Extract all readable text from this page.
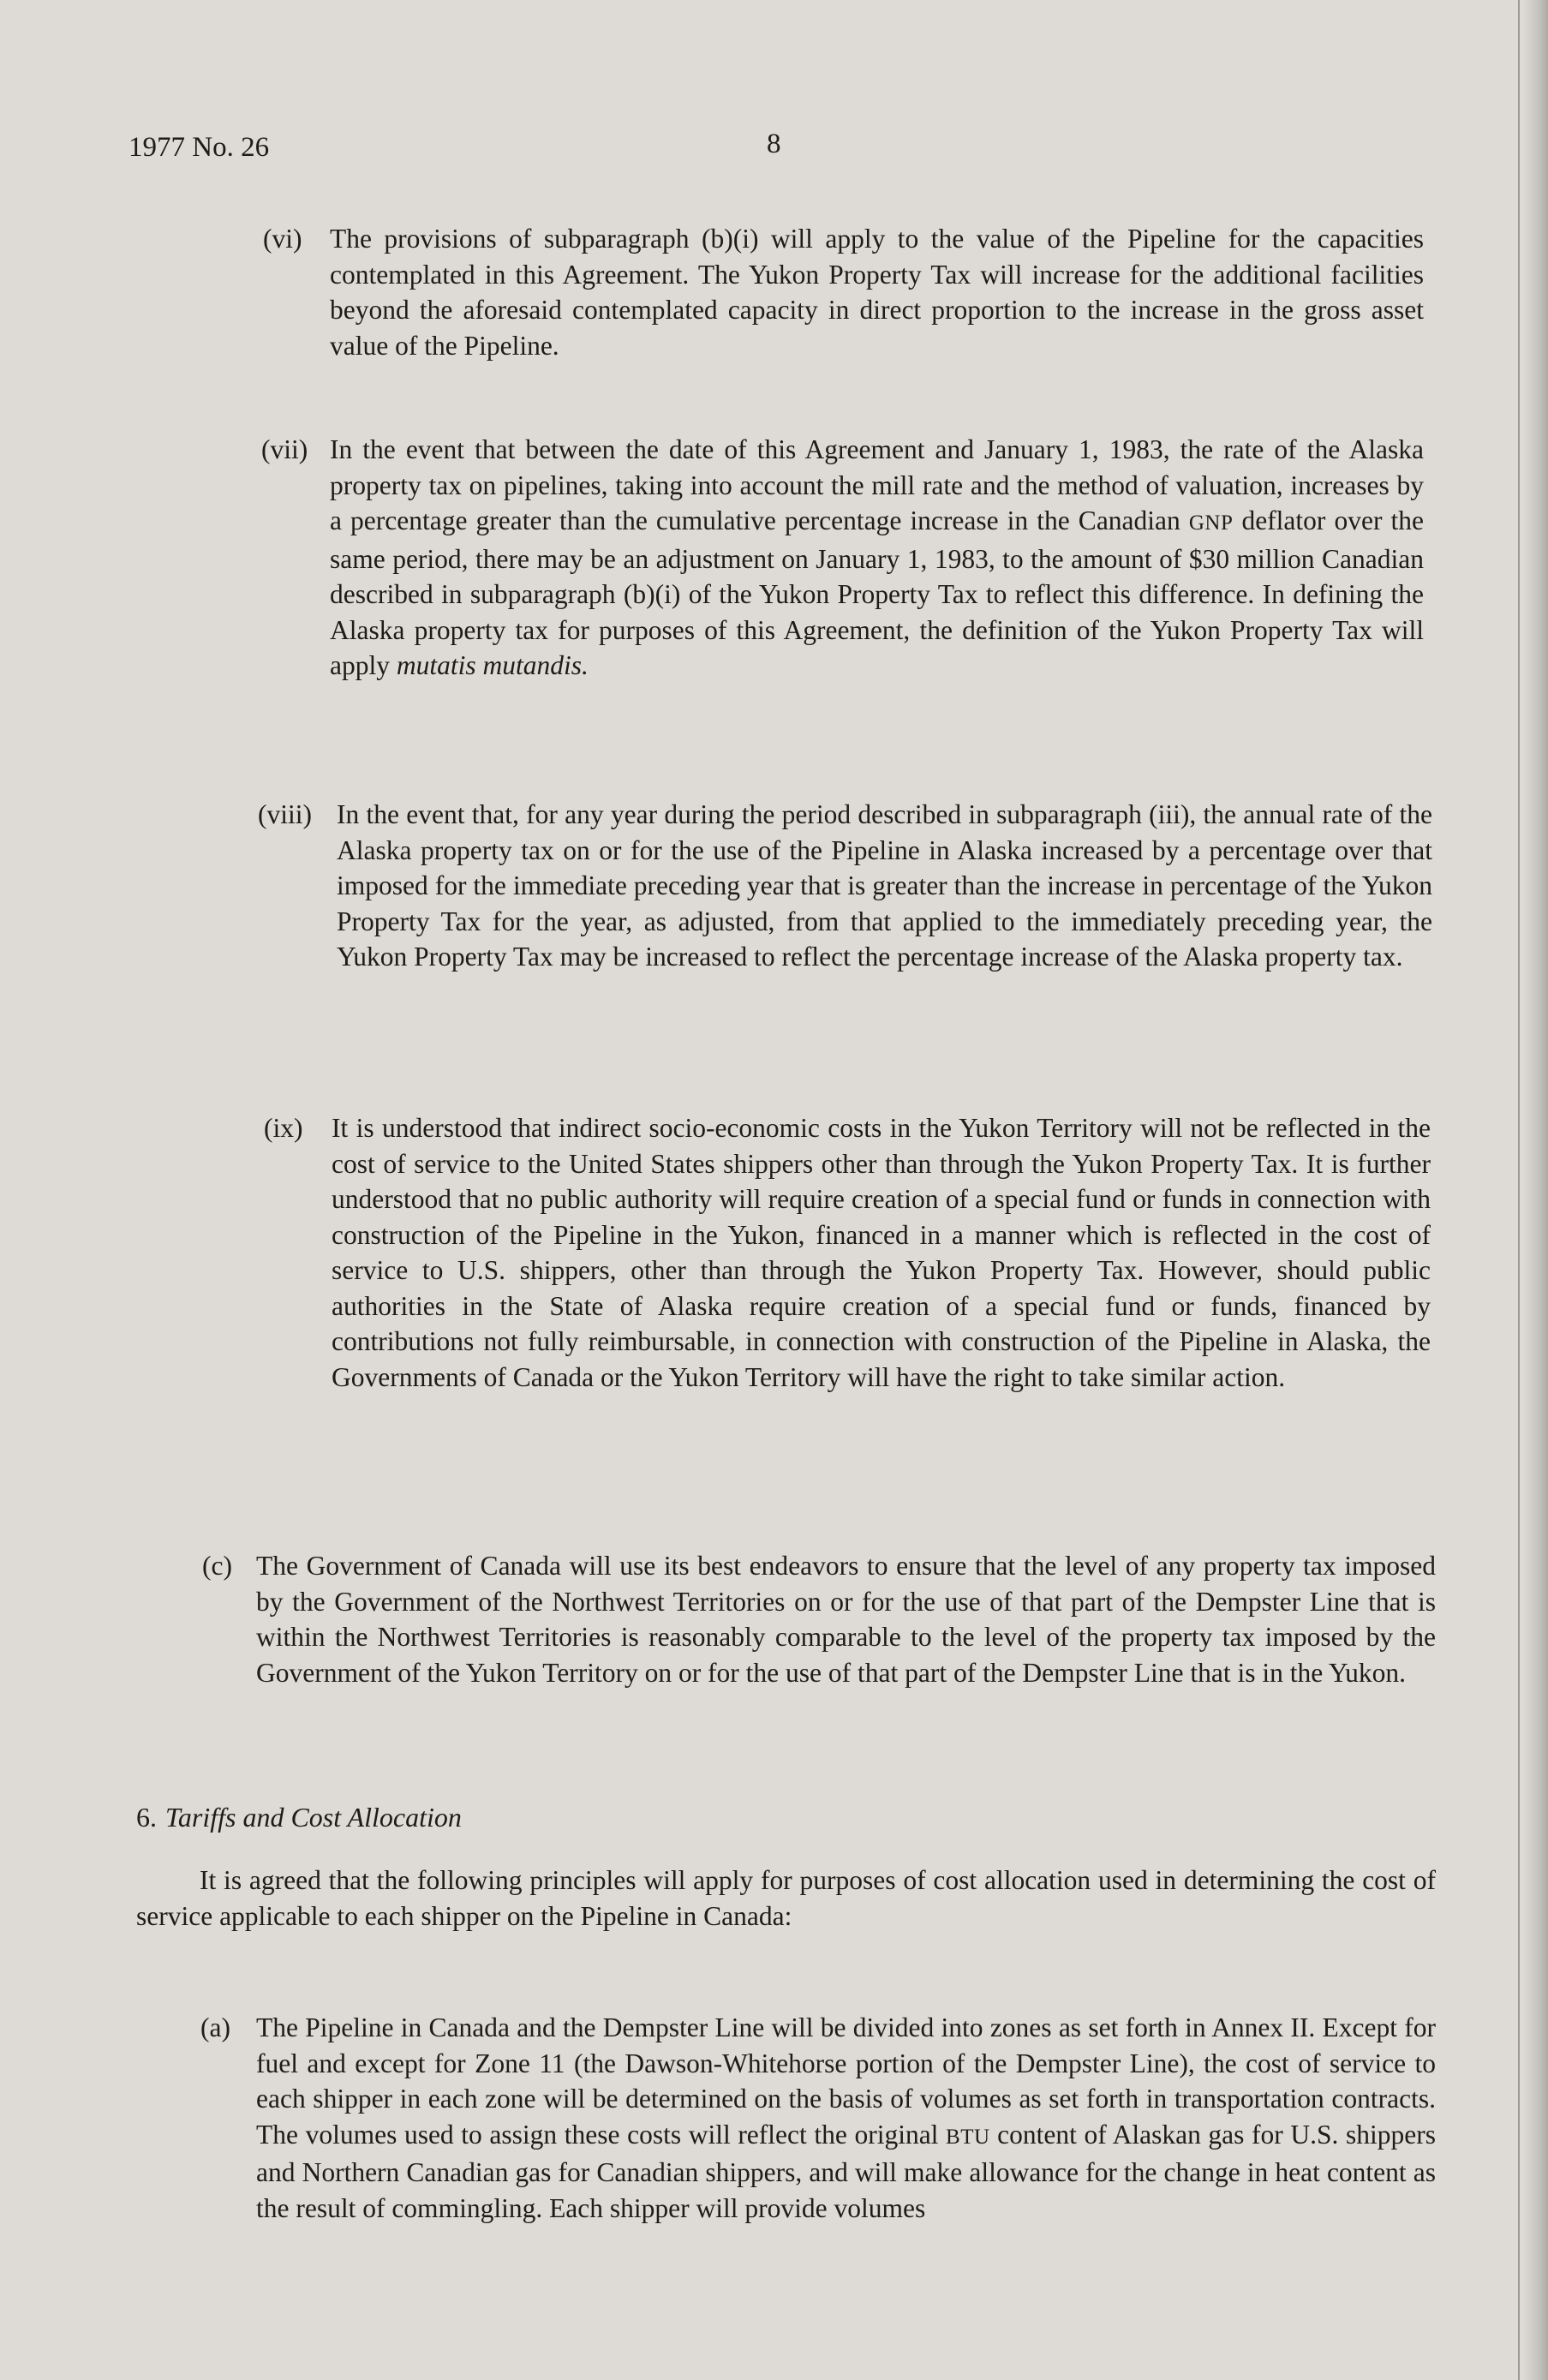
1977 No. 26	8
(vi) The provisions of subparagraph (b)(i) will apply to the value of the Pipeline for the capacities contemplated in this Agreement. The Yukon Property Tax will increase for the additional facilities beyond the aforesaid contemplated capacity in direct proportion to the increase in the gross asset value of the Pipeline.

(vii) In the event that between the date of this Agreement and January 1, 1983, the rate of the Alaska property tax on pipelines, taking into account the mill rate and the method of valuation, increases by a percentage greater than the cumulative percentage increase in the Canadian GNP deflator over the same period, there may be an adjustment on January 1, 1983, to the amount of $30 million Canadian described in subparagraph (b)(i) of the Yukon Property Tax to reflect this difference. In defining the Alaska property tax for purposes of this Agreement, the definition of the Yukon Property Tax will apply mutatis mutandis.

(viii) In the event that, for any year during the period described in subparagraph (iii), the annual rate of the Alaska property tax on or for the use of the Pipeline in Alaska increased by a percentage over that imposed for the immediate preceding year that is greater than the increase in percentage of the Yukon Property Tax for the year, as adjusted, from that applied to the immediately preceding year, the Yukon Property Tax may be increased to reflect the percentage increase of the Alaska property tax.

(ix) It is understood that indirect socio-economic costs in the Yukon Territory will not be reflected in the cost of service to the United States shippers other than through the Yukon Property Tax. It is further understood that no public authority will require creation of a special fund or funds in connection with construction of the Pipeline in the Yukon, financed in a manner which is reflected in the cost of service to U.S. shippers, other than through the Yukon Property Tax. However, should public authorities in the State of Alaska require creation of a special fund or funds, financed by contributions not fully reimbursable, in connection with construction of the Pipeline in Alaska, the Governments of Canada or the Yukon Territory will have the right to take similar action.

(c) The Government of Canada will use its best endeavors to ensure that the level of any property tax imposed by the Government of the Northwest Territories on or for the use of that part of the Dempster Line that is within the Northwest Territories is reasonably comparable to the level of the property tax imposed by the Government of the Yukon Territory on or for the use of that part of the Dempster Line that is in the Yukon.

6. Tariffs and Cost Allocation

It is agreed that the following principles will apply for purposes of cost allocation used in determining the cost of service applicable to each shipper on the Pipeline in Canada:

(a) The Pipeline in Canada and the Dempster Line will be divided into zones as set forth in Annex II. Except for fuel and except for Zone 11 (the Dawson-Whitehorse portion of the Dempster Line), the cost of service to each shipper in each zone will be determined on the basis of volumes as set forth in transportation contracts. The volumes used to assign these costs will reflect the original BTU content of Alaskan gas for U.S. shippers and Northern Canadian gas for Canadian shippers, and will make allowance for the change in heat content as the result of commingling. Each shipper will provide volumes
